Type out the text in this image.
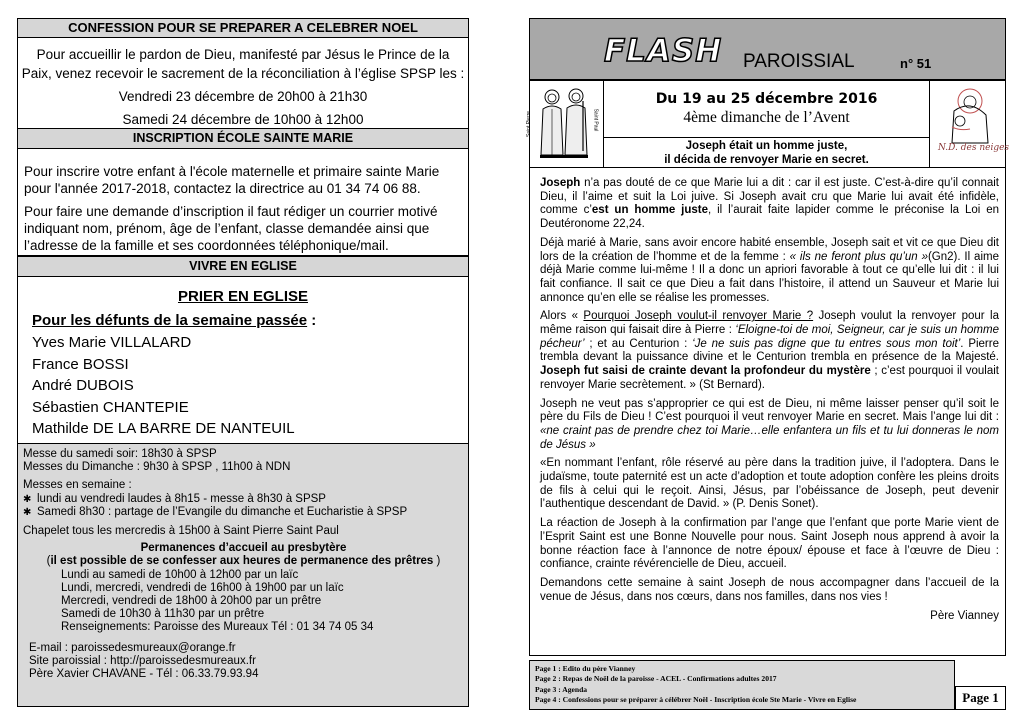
CONFESSION POUR SE PREPARER A CELEBRER NOEL

Pour accueillir le pardon de Dieu, manifesté par Jésus le Prince de la

Paix, venez recevoir le sacrement de la réconciliation à l’église SPSP les :

Vendredi 23 décembre de 20h00 à 21h30

Samedi 24 décembre de 10h00 à 12h00

INSCRIPTION ÉCOLE SAINTE MARIE

Pour inscrire votre enfant à l'école maternelle et primaire sainte Marie pour l'année 2017-2018, contactez la directrice au 01 34 74 06 88.

Pour faire une demande d’inscription il faut rédiger un courrier motivé indiquant nom, prénom, âge de l’enfant, classe demandée ainsi que l’adresse de la famille et ses coordonnées téléphonique/mail.

VIVRE EN EGLISE

PRIER EN EGLISE

Pour les défunts de la semaine passée :

Yves Marie VILLALARD

France BOSSI

André DUBOIS

Sébastien CHANTEPIE

Mathilde DE LA BARRE DE NANTEUIL

Messe du samedi soir: 18h30 à SPSP

Messes du Dimanche : 9h30 à SPSP , 11h00 à NDN

Messes en semaine :

✱ lundi au vendredi laudes à 8h15 - messe à 8h30 à SPSP
✱ Samedi 8h30 : partage de l’Evangile du dimanche et Eucharistie à SPSP

Chapelet tous les mercredis à 15h00 à Saint Pierre Saint Paul

Permanences d’accueil au presbytère

(il est possible de se confesser aux heures de permanence des prêtres )

Lundi au samedi de 10h00 à 12h00 par un laïc

Lundi, mercredi, vendredi de 16h00 à 19h00 par un laïc

Mercredi, vendredi de 18h00 à 20h00 par un prêtre

Samedi de 10h30 à 11h30 par un prêtre

Renseignements: Paroisse des Mureaux Tél : 01 34 74 05 34

E-mail : paroissedesmureaux@orange.fr

Site paroissial : http://paroissedesmureaux.fr

Père Xavier CHAVANE - Tél : 06.33.79.93.94

FLASH PAROISSIAL	n° 51
Saint Pierre	Saint Paul

Du 19 au 25 décembre 2016

4ème dimanche de l’Avent

N.D. des neiges

Joseph était un homme juste,

il décida de renvoyer Marie en secret.

Joseph n’a pas douté de ce que Marie lui a dit : car il est juste. C’est-à-dire qu’il connait Dieu, il l’aime et suit la Loi juive. Si Joseph avait cru que Marie lui avait été infidèle, comme c’est un homme juste, il l’aurait faite lapider comme le préconise la Loi en Deutéronome 22,24.

Déjà marié à Marie, sans avoir encore habité ensemble, Joseph sait et vit ce que Dieu dit lors de la création de l’homme et de la femme : « ils ne feront plus qu’un »(Gn2). Il aime déjà Marie comme lui-même ! Il a donc un apriori favorable à tout ce qu’elle lui dit : il lui fait confiance. Il sait ce que Dieu a fait dans l’histoire, il attend un Sauveur et Marie lui annonce qu’en elle se réalise les promesses.

Alors « Pourquoi Joseph voulut-il renvoyer Marie ? Joseph voulut la renvoyer pour la même raison qui faisait dire à Pierre : ‘Eloigne-toi de moi, Seigneur, car je suis un homme pécheur’ ; et au Centurion : ‘Je ne suis pas digne que tu entres sous mon toit’. Pierre trembla devant la puissance divine et le Centurion trembla en présence de la Majesté. Joseph fut saisi de crainte devant la profondeur du mystère ; c’est pourquoi il voulait renvoyer Marie secrètement. » (St Bernard).

Joseph ne veut pas s’approprier ce qui est de Dieu, ni même laisser penser qu’il soit le père du Fils de Dieu ! C’est pourquoi il veut renvoyer Marie en secret. Mais l’ange lui dit : «ne craint pas de prendre chez toi Marie…elle enfantera un fils et tu lui donneras le nom de Jésus »

«En nommant l’enfant, rôle réservé au père dans la tradition juive, il l’adoptera. Dans le judaïsme, toute paternité est un acte d’adoption et toute adoption confère les pleins droits de fils à celui qui le reçoit. Ainsi, Jésus, par l’obéissance de Joseph, peut devenir l’authentique descendant de David. » (P. Denis Sonet).

La réaction de Joseph à la confirmation par l’ange que l’enfant que porte Marie vient de l’Esprit Saint est une Bonne Nouvelle pour nous. Saint Joseph nous apprend à avoir la bonne réaction face à l’annonce de notre époux/ épouse et face à l’œuvre de Dieu : confiance, crainte révérencielle de Dieu, accueil.

Demandons cette semaine à saint Joseph de nous accompagner dans l’accueil de la venue de Jésus, dans nos cœurs, dans nos familles, dans nos vies !

Père Vianney

Page 1 : Edito du père Vianney

Page 2 : Repas de Noël de la paroisse - ACEL - Confirmations adultes 2017

Page 3 : Agenda

Page 4 : Confessions pour se préparer à célébrer Noël - Inscription école Ste Marie - Vivre en Eglise	Page 1
